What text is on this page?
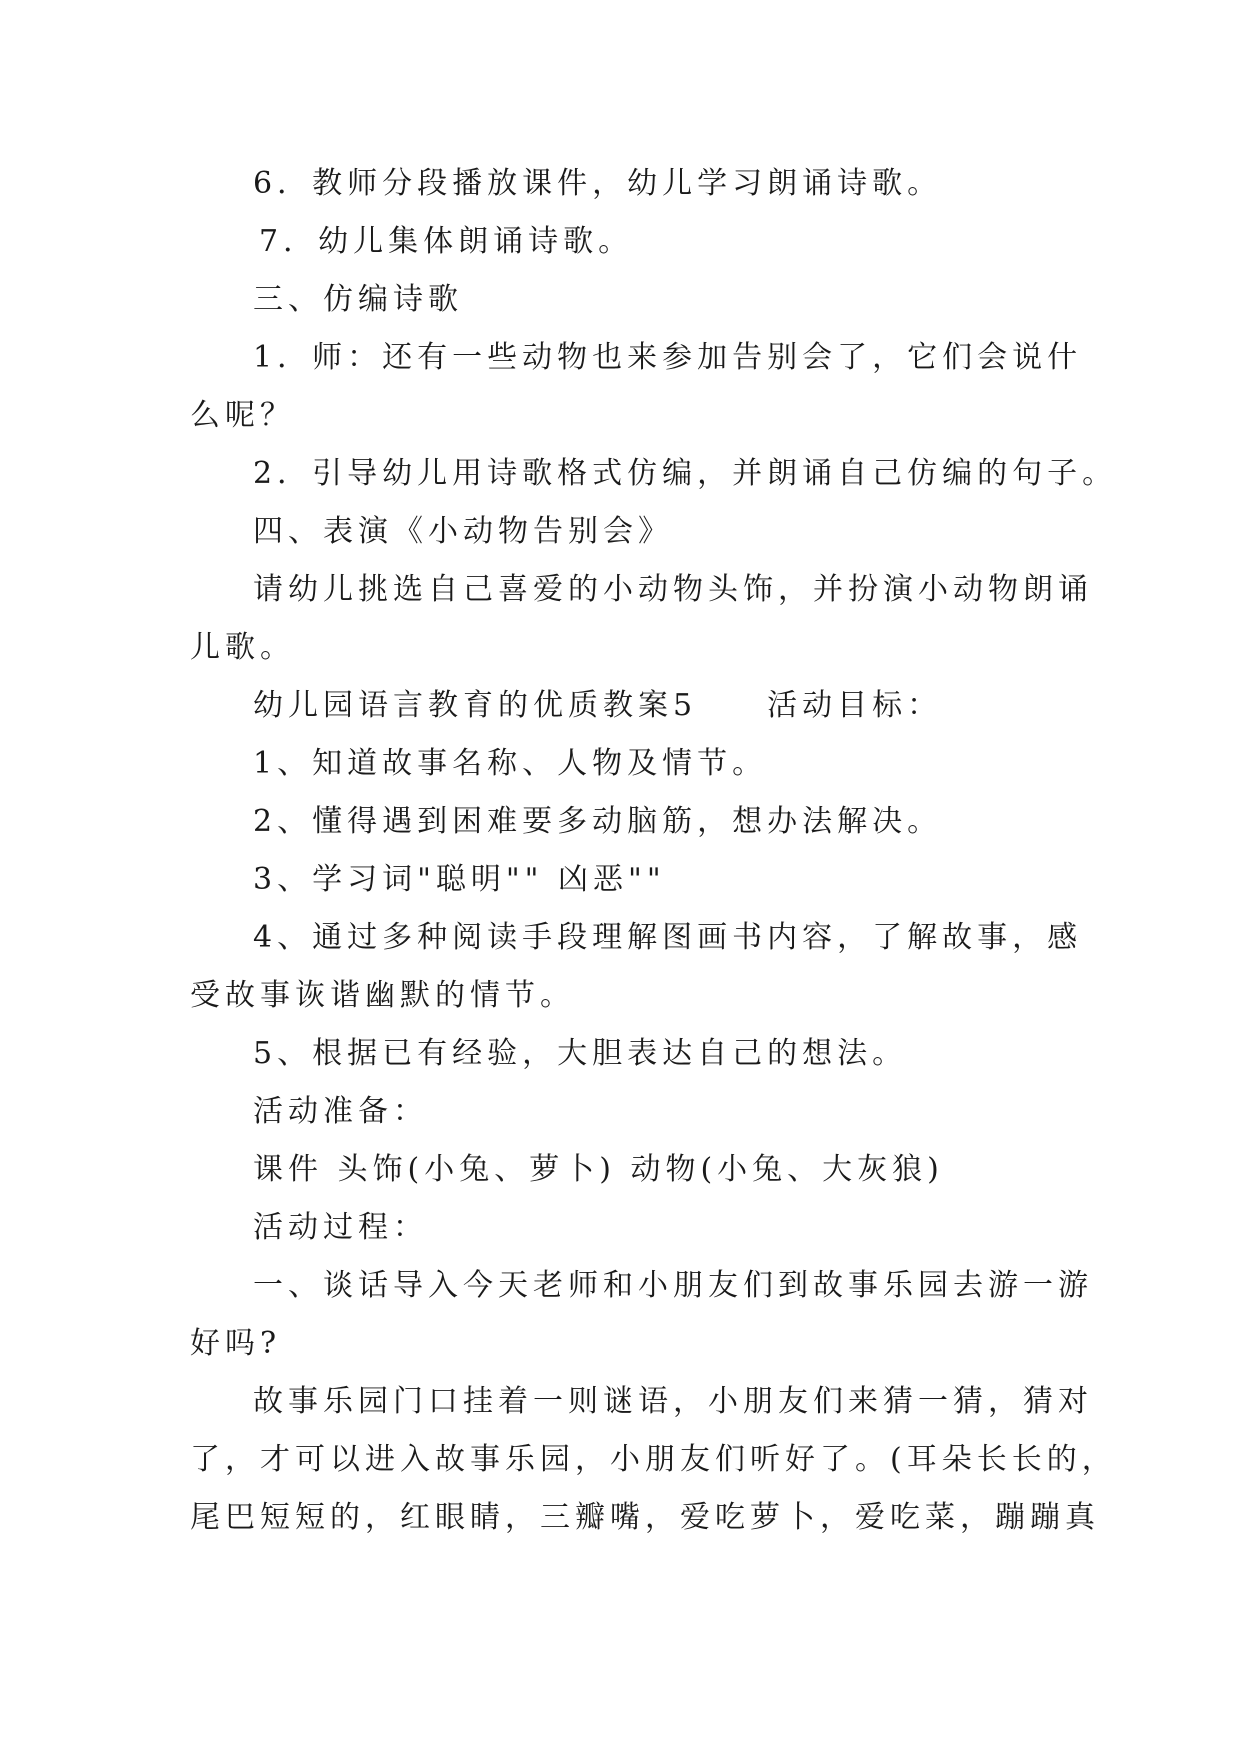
6．教师分段播放课件，幼儿学习朗诵诗歌。
7．幼儿集体朗诵诗歌。
三、仿编诗歌
1．师：还有一些动物也来参加告别会了，它们会说什
么呢？
2．引导幼儿用诗歌格式仿编，并朗诵自己仿编的句子。
四、表演《小动物告别会》
请幼儿挑选自己喜爱的小动物头饰，并扮演小动物朗诵
儿歌。
幼儿园语言教育的优质教案5　　活动目标：
1、知道故事名称、人物及情节。
2、懂得遇到困难要多动脑筋，想办法解决。
3、学习词"聪明"" 凶恶""
4、通过多种阅读手段理解图画书内容，了解故事，感
受故事诙谐幽默的情节。
5、根据已有经验，大胆表达自己的想法。
活动准备：
课件 头饰(小兔、萝卜) 动物(小兔、大灰狼)
活动过程：
一、谈话导入今天老师和小朋友们到故事乐园去游一游
好吗?
故事乐园门口挂着一则谜语，小朋友们来猜一猜，猜对
了，才可以进入故事乐园，小朋友们听好了。(耳朵长长的，
尾巴短短的，红眼睛，三瓣嘴，爱吃萝卜，爱吃菜，蹦蹦真
